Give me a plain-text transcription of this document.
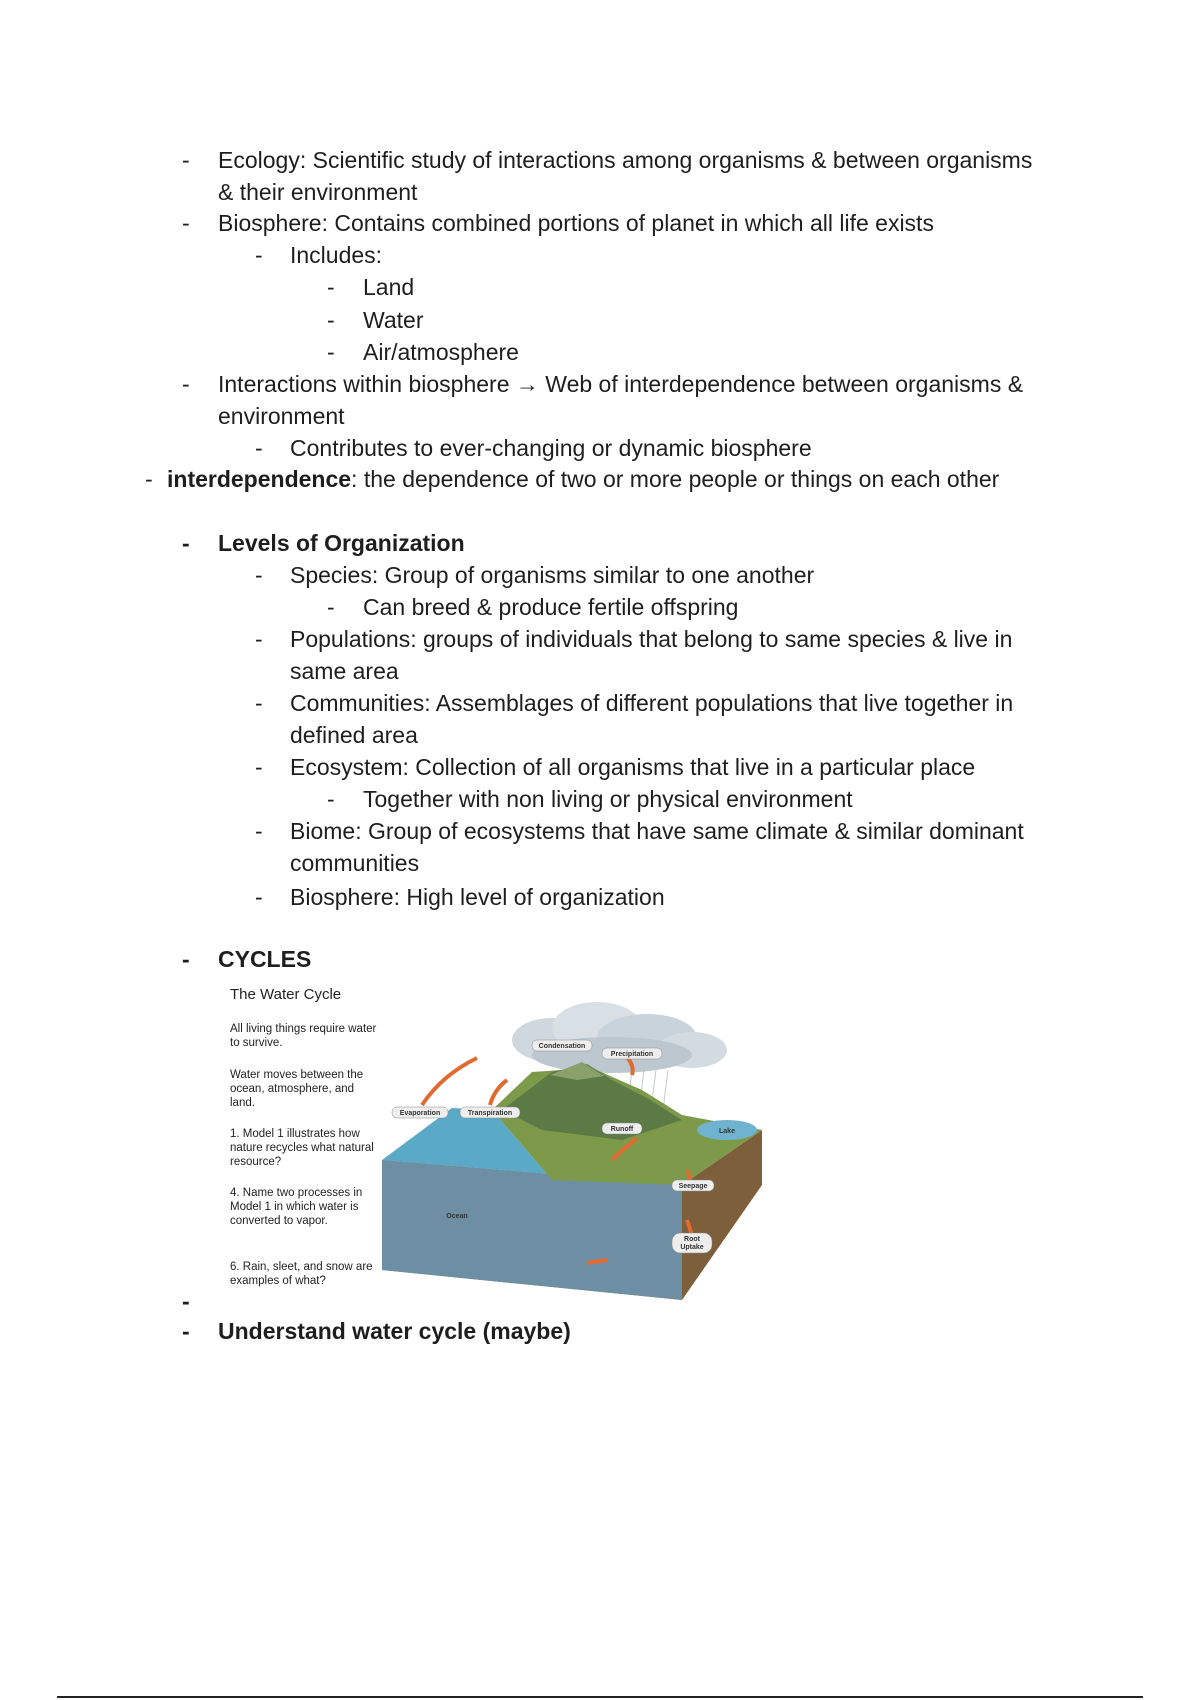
- Ecology: Scientific study of interactions among organisms & between organisms
& their environment
- Biosphere: Contains combined portions of planet in which all life exists
- Includes:
- Land
- Water
- Air/atmosphere
- Interactions within biosphere → Web of interdependence between organisms &
environment
- Contributes to ever-changing or dynamic biosphere
- interdependence: the dependence of two or more people or things on each other
- Levels of Organization
- Species: Group of organisms similar to one another
- Can breed & produce fertile offspring
- Populations: groups of individuals that belong to same species & live in
same area
- Communities: Assemblages of different populations that live together in
defined area
- Ecosystem: Collection of all organisms that live in a particular place
- Together with non living or physical environment
- Biome: Group of ecosystems that have same climate & similar dominant
communities
- Biosphere: High level of organization
- CYCLES
The Water Cycle
All living things require water to survive.
Water moves between the ocean, atmosphere, and land.
1. Model 1 illustrates how nature recycles what natural resource?
4. Name two processes in Model 1 in which water is converted to vapor.
6. Rain, sleet, and snow are examples of what?
Condensation
Precipitation
Evaporation	Transpiration
Runoff
Seepage
Root
Uptake
Ocean
Lake
-
- Understand water cycle (maybe)
